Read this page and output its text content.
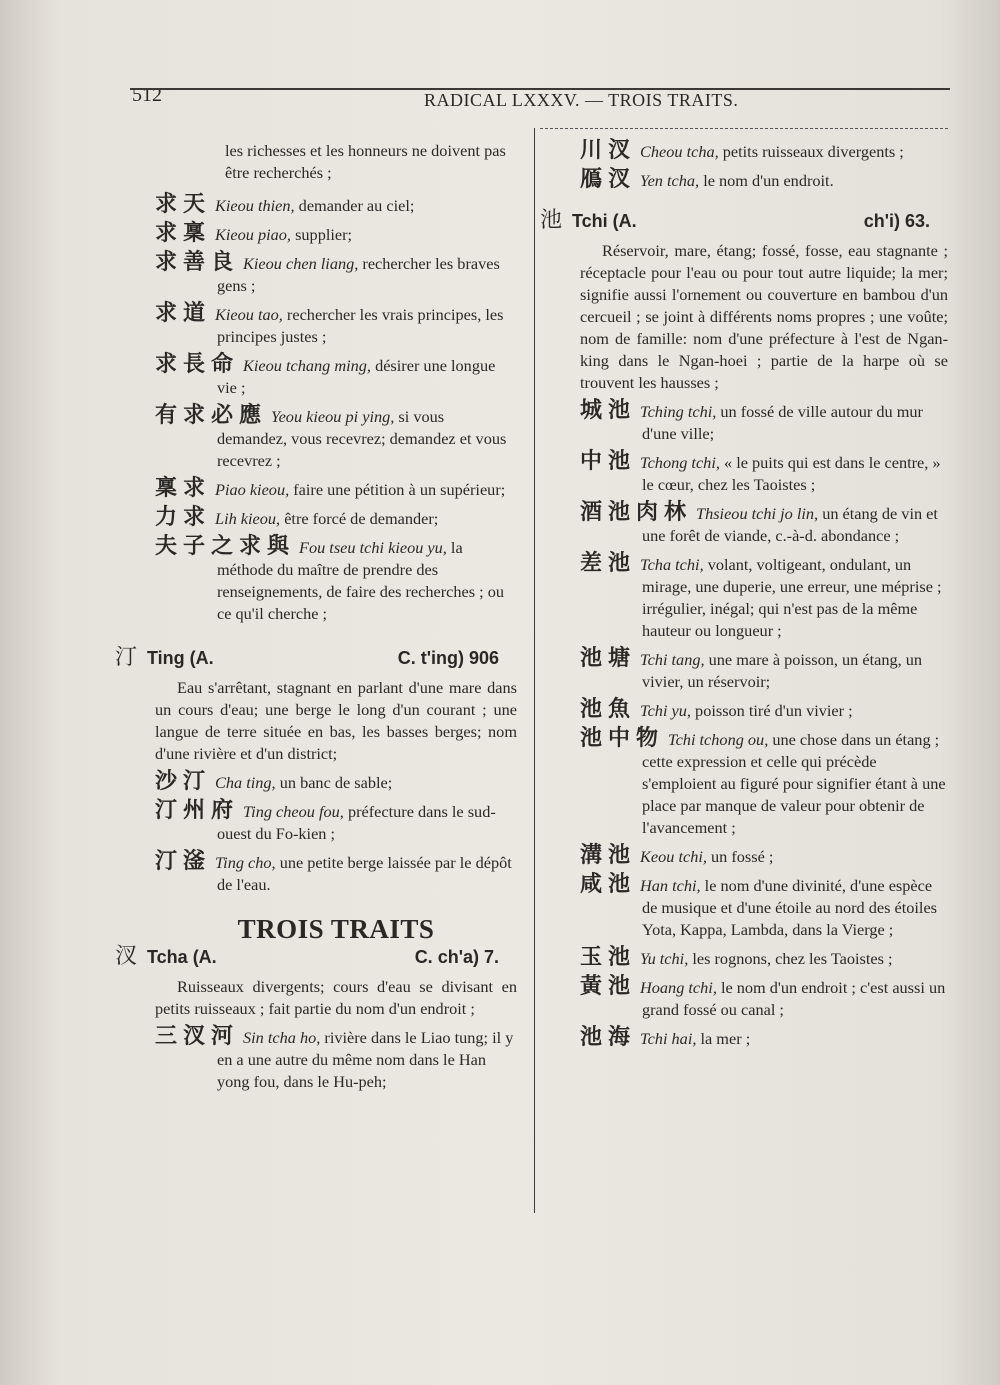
512	RADICAL LXXXV. — TROIS TRAITS.

les richesses et les honneurs ne doivent pas être recherchés ;

求天 Kieou thien, demander au ciel;

求稟 Kieou piao, supplier;

求善良 Kieou chen liang, rechercher les braves gens ;

求道 Kieou tao, rechercher les vrais principes, les principes justes ;

求長命 Kieou tchang ming, désirer une longue vie ;

有求必應 Yeou kieou pi ying, si vous demandez, vous recevrez; demandez et vous recevrez ;

稟求 Piao kieou, faire une pétition à un supérieur;

力求 Lih kieou, être forcé de demander;

夫子之求與 Fou tseu tchi kieou yu, la méthode du maître de prendre des renseignements, de faire des recherches ; ou ce qu'il cherche ;

汀 Ting (A.	C. t'ing) 906

Eau s'arrêtant, stagnant en parlant d'une mare dans un cours d'eau; une berge le long d'un courant ; une langue de terre située en bas, les basses berges; nom d'une rivière et d'un district;

沙汀 Cha ting, un banc de sable;

汀州府 Ting cheou fou, préfecture dans le sud-ouest du Fo-kien ;

汀滏 Ting cho, une petite berge laissée par le dépôt de l'eau.

TROIS TRAITS
汊 Tcha (A.	C. ch'a) 7.

Ruisseaux divergents; cours d'eau se divisant en petits ruisseaux ; fait partie du nom d'un endroit ;

三汊河 Sin tcha ho, rivière dans le Liao tung; il y en a une autre du même nom dans le Han yong fou, dans le Hu-peh;

川汊 Cheou tcha, petits ruisseaux divergents ;

鴈汊 Yen tcha, le nom d'un endroit.

池 Tchi (A.	ch'i) 63.

Réservoir, mare, étang; fossé, fosse, eau stagnante ; réceptacle pour l'eau ou pour tout autre liquide; la mer; signifie aussi l'ornement ou couverture en bambou d'un cercueil ; se joint à différents noms propres ; une voûte; nom de famille: nom d'une préfecture à l'est de Ngan-king dans le Ngan-hoei ; partie de la harpe où se trouvent les hausses ;

城池 Tching tchi, un fossé de ville autour du mur d'une ville;

中池 Tchong tchi, « le puits qui est dans le centre, » le cœur, chez les Taoistes ;

酒池肉林 Thsieou tchi jo lin, un étang de vin et une forêt de viande, c.-à-d. abondance ;

差池 Tcha tchi, volant, voltigeant, ondulant, un mirage, une duperie, une erreur, une méprise ; irrégulier, inégal; qui n'est pas de la même hauteur ou longueur ;

池塘 Tchi tang, une mare à poisson, un étang, un vivier, un réservoir;

池魚 Tchi yu, poisson tiré d'un vivier ;

池中物 Tchi tchong ou, une chose dans un étang ; cette expression et celle qui précède s'emploient au figuré pour signifier étant à une place par manque de valeur pour obtenir de l'avancement ;

溝池 Keou tchi, un fossé ;

咸池 Han tchi, le nom d'une divinité, d'une espèce de musique et d'une étoile au nord des étoiles Yota, Kappa, Lambda, dans la Vierge ;

玉池 Yu tchi, les rognons, chez les Taoistes ;

黃池 Hoang tchi, le nom d'un endroit ; c'est aussi un grand fossé ou canal ;

池海 Tchi hai, la mer ;
